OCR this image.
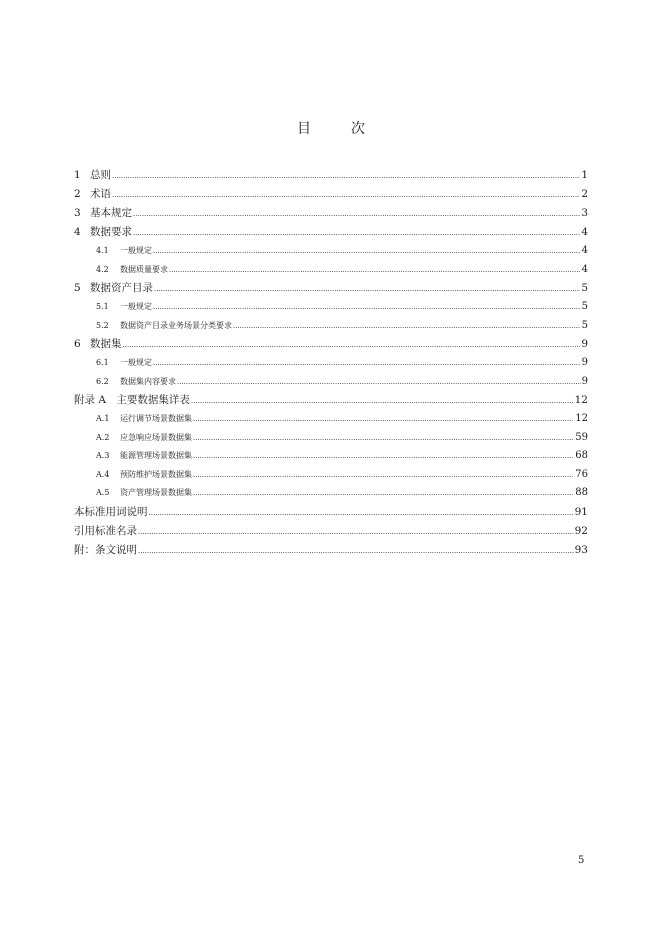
目	次
1 总则 .....	1
2 术语 .....	2
3 基本规定 .....	3
4 数据要求 .....	4
4.1	一般规定 .....	4
4.2	数据质量要求 .....	4
5 数据资产目录 .....	5
5.1	一般规定 .....	5
5.2	数据资产目录业务场景分类要求 .....	5
6 数据集 .....	9
6.1	一般规定 .....	9
6.2	数据集内容要求 .....	9
附录 A　主要数据集详表 .....	12
A.1	运行调节场景数据集 .....	12
A.2	应急响应场景数据集 .....	59
A.3	能源管理场景数据集 .....	68
A.4	预防维护场景数据集 .....	76
A.5	资产管理场景数据集 .....	88
本标准用词说明 .....	91
引用标准名录 .....	92
附：条文说明 .....	93
5
